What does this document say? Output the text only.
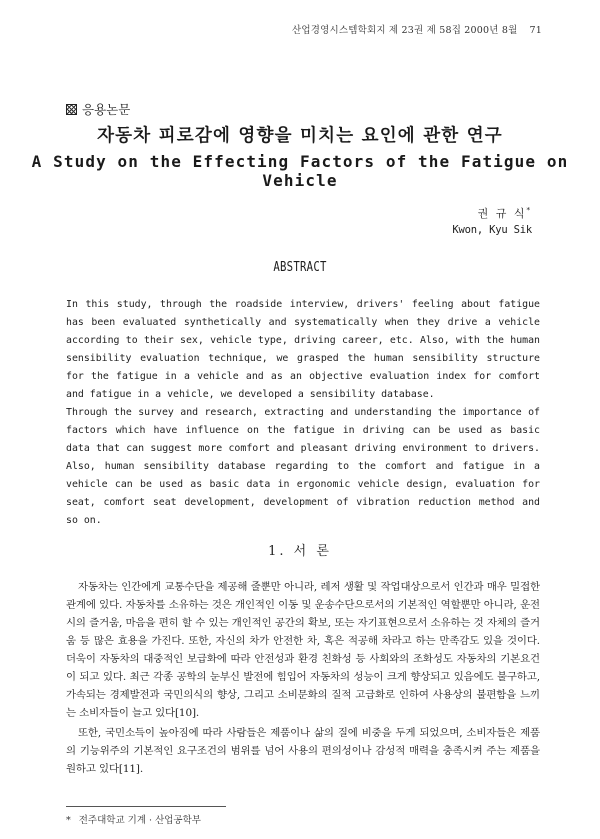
산업경영시스템학회지 제 23권 제 58집 2000년 8월 71
응용논문
자동차 피로감에 영향을 미치는 요인에 관한 연구
A Study on the Effecting Factors of the Fatigue on Vehicle
권 규 식*
Kwon, Kyu Sik
ABSTRACT

In this study, through the roadside interview, drivers' feeling about fatigue has been evaluated synthetically and systematically when they drive a vehicle according to their sex, vehicle type, driving career, etc. Also, with the human sensibility evaluation technique, we grasped the human sensibility structure for the fatigue in a vehicle and as an objective evaluation index for comfort and fatigue in a vehicle, we developed a sensibility database.

Through the survey and research, extracting and understanding the importance of factors which have influence on the fatigue in driving can be used as basic data that can suggest more comfort and pleasant driving environment to drivers. Also, human sensibility database regarding to the comfort and fatigue in a vehicle can be used as basic data in ergonomic vehicle design, evaluation for seat, comfort seat development, development of vibration reduction method and so on.

1. 서 론

자동차는 인간에게 교통수단을 제공해 줄뿐만 아니라, 레저 생활 및 작업대상으로서 인간과 매우 밀접한 관계에 있다. 자동차를 소유하는 것은 개인적인 이동 및 운송수단으로서의 기본적인 역할뿐만 아니라, 운전 시의 즐거움, 마음을 편히 할 수 있는 개인적인 공간의 확보, 또는 자기표현으로서 소유하는 것 자체의 즐거움 등 많은 효용을 가진다. 또한, 자신의 차가 안전한 차, 혹은 적공해 차라고 하는 만족감도 있을 것이다. 더욱이 자동차의 대중적인 보급화에 따라 안전성과 환경 친화성 등 사회와의 조화성도 자동차의 기본요건이 되고 있다. 최근 각종 공학의 눈부신 발전에 힘입어 자동차의 성능이 크게 향상되고 있음에도 불구하고, 가속되는 경제발전과 국민의식의 향상, 그리고 소비문화의 질적 고급화로 인하여 사용상의 불편함을 느끼는 소비자들이 늘고 있다[10].

또한, 국민소득이 높아짐에 따라 사람들은 제품이나 삶의 질에 비중을 두게 되었으며, 소비자들은 제품의 기능위주의 기본적인 요구조건의 범위를 넘어 사용의 편의성이나 감성적 매력을 충족시켜 주는 제품을 원하고 있다[11].

* 전주대학교 기계 · 산업공학부
